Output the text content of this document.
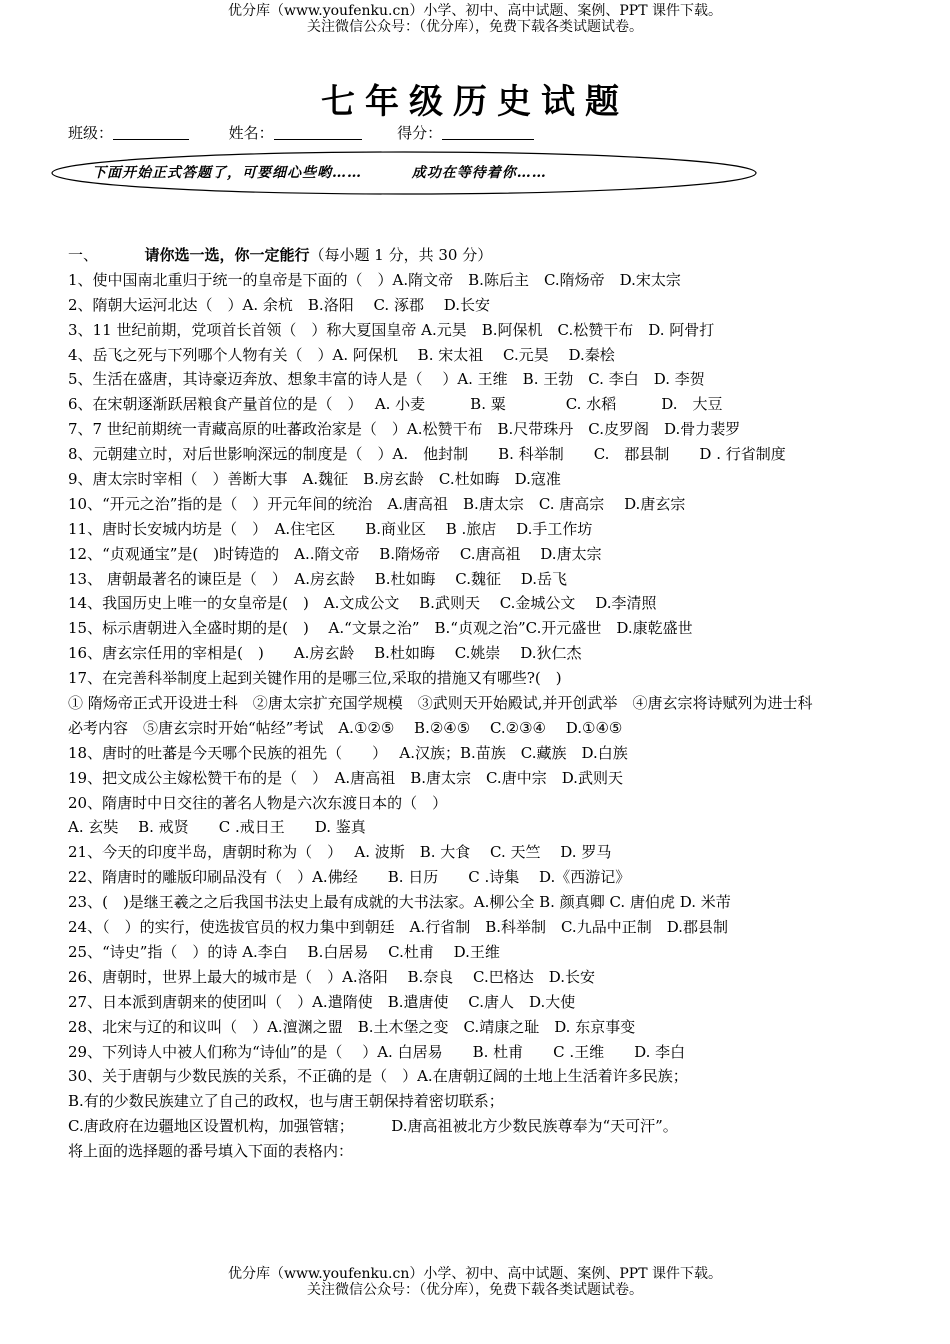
优分库（www.youfenku.cn）小学、初中、高中试题、案例、PPT 课件下载。
关注微信公众号：（优分库），免费下载各类试题试卷。
七年级历史试题
班级：	姓名：	得分：
下面开始正式答题了，可要细心些哟……	成功在等待着你……
一、	请你选一选，你一定能行（每小题 1 分，共 30 分）
1、使中国南北重归于统一的皇帝是下面的（　）A.隋文帝　B.陈后主　C.隋炀帝　D.宋太宗
2、隋朝大运河北达（　）A. 余杭　B.洛阳　 C. 涿郡　 D.长安
3、11 世纪前期，党项首长首领（　）称大夏国皇帝 A.元昊　B.阿保机　C.松赞干布　D. 阿骨打
4、岳飞之死与下列哪个人物有关（　）A. 阿保机　 B. 宋太祖　 C.元昊　 D.秦桧
5、生活在盛唐，其诗豪迈奔放、想象丰富的诗人是（　 ）A. 王维　B. 王勃　C. 李白　D. 李贺
6、在宋朝逐渐跃居粮食产量首位的是（　）　 A. 小麦　　　B. 粟　　　　C. 水稻　　　D.　大豆
7、7 世纪前期统一青藏高原的吐蕃政治家是（　）A.松赞干布　B.尺带珠丹　C.皮罗阁　D.骨力裴罗
8、元朝建立时，对后世影响深远的制度是（　）A.　他封制　　B. 科举制　　C.　郡县制　　D . 行省制度
9、唐太宗时宰相（　）善断大事　A.魏征　B.房玄龄　C.杜如晦　D.寇准
10、“开元之治”指的是（　）开元年间的统治　A.唐高祖　B.唐太宗　C. 唐高宗　 D.唐玄宗
11、唐时长安城内坊是（　）　A.住宅区　　B.商业区　 B .旅店　 D.手工作坊
12、“贞观通宝”是(　)时铸造的　A..隋文帝　 B.隋炀帝　 C.唐高祖　 D.唐太宗
13、 唐朝最著名的谏臣是（　）　A.房玄龄　 B.杜如晦　 C.魏征　 D.岳飞
14、我国历史上唯一的女皇帝是(　)　A.文成公文　 B.武则天　 C.金城公文　 D.李清照
15、标示唐朝进入全盛时期的是(　)　 A.“文景之治”　B.“贞观之治”C.开元盛世　D.康乾盛世
16、唐玄宗任用的宰相是(　)　　A.房玄龄　 B.杜如晦　 C.姚崇　 D.狄仁杰
17、在完善科举制度上起到关键作用的是哪三位,采取的措施又有哪些?(　)
① 隋炀帝正式开设进士科　②唐太宗扩充国学规模　③武则天开始殿试,并开创武举　④唐玄宗将诗赋列为进士科
必考内容　⑤唐玄宗时开始“帖经”考试　A.①②⑤　 B.②④⑤　 C.②③④　 D.①④⑤
18、唐时的吐蕃是今天哪个民族的祖先（　　）　 A.汉族；B.苗族　C.藏族　D.白族
19、把文成公主嫁松赞干布的是（　）　A.唐高祖　B.唐太宗　C.唐中宗　D.武则天
20、隋唐时中日交往的著名人物是六次东渡日本的（　）
A. 玄奘　 B. 戒贤　　C .戒日王　　D. 鉴真
21、今天的印度半岛，唐朝时称为（　）　 A. 波斯　B. 大食　 C. 天竺　 D. 罗马
22、隋唐时的雕版印刷品没有（　）A.佛经　　B. 日历　　C .诗集　 D.《西游记》
23、(　)是继王羲之之后我国书法史上最有成就的大书法家。A.柳公全 B. 颜真卿 C. 唐伯虎 D. 米芾
24、（　）的实行，使选拔官员的权力集中到朝廷　A.行省制　B.科举制　C.九品中正制　D.郡县制
25、“诗史”指（　）的诗 A.李白　 B.白居易　 C.杜甫　 D.王维
26、唐朝时，世界上最大的城市是（　）A.洛阳　 B.奈良　 C.巴格达　D.长安
27、日本派到唐朝来的使团叫（　）A.遣隋使　B.遣唐使　 C.唐人　D.大使
28、北宋与辽的和议叫（　）A.澶渊之盟　B.土木堡之变　C.靖康之耻　D. 东京事变
29、下列诗人中被人们称为“诗仙”的是（　 ）A. 白居易　　B. 杜甫　　C .王维　　D. 李白
30、关于唐朝与少数民族的关系，不正确的是（　）A.在唐朝辽阔的土地上生活着许多民族；
B.有的少数民族建立了自己的政权，也与唐王朝保持着密切联系；
C.唐政府在边疆地区设置机构，加强管辖；　　　D.唐高祖被北方少数民族尊奉为“天可汗”。
将上面的选择题的番号填入下面的表格内：
优分库（www.youfenku.cn）小学、初中、高中试题、案例、PPT 课件下载。
关注微信公众号：（优分库），免费下载各类试题试卷。
